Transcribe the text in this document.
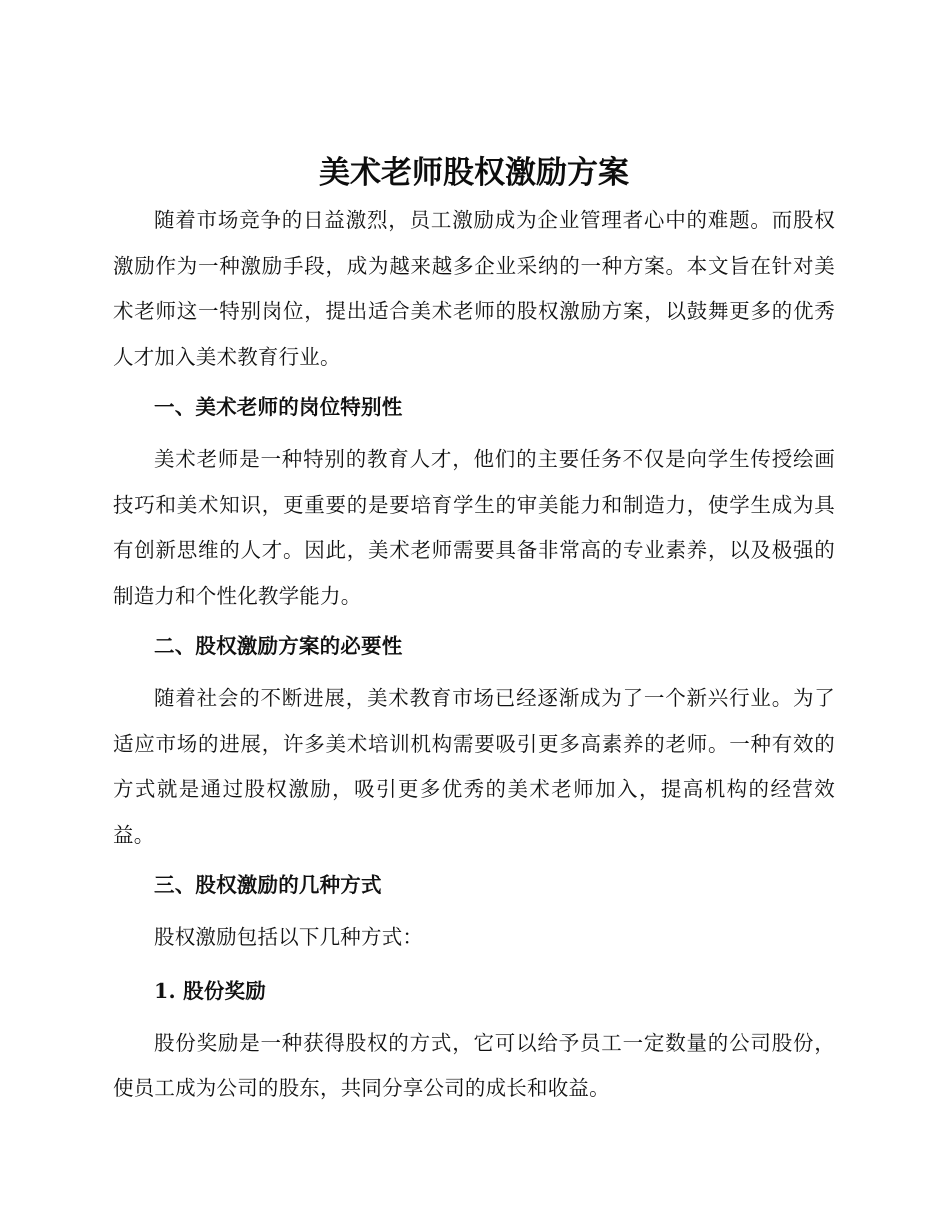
美术老师股权激励方案

随着市场竞争的日益激烈，员工激励成为企业管理者心中的难题。而股权激励作为一种激励手段，成为越来越多企业采纳的一种方案。本文旨在针对美术老师这一特别岗位，提出适合美术老师的股权激励方案，以鼓舞更多的优秀人才加入美术教育行业。

一、美术老师的岗位特别性

美术老师是一种特别的教育人才，他们的主要任务不仅是向学生传授绘画技巧和美术知识，更重要的是要培育学生的审美能力和制造力，使学生成为具有创新思维的人才。因此，美术老师需要具备非常高的专业素养，以及极强的制造力和个性化教学能力。

二、股权激励方案的必要性

随着社会的不断进展，美术教育市场已经逐渐成为了一个新兴行业。为了适应市场的进展，许多美术培训机构需要吸引更多高素养的老师。一种有效的方式就是通过股权激励，吸引更多优秀的美术老师加入，提高机构的经营效益。

三、股权激励的几种方式

股权激励包括以下几种方式：

1. 股份奖励

股份奖励是一种获得股权的方式，它可以给予员工一定数量的公司股份，使员工成为公司的股东，共同分享公司的成长和收益。
